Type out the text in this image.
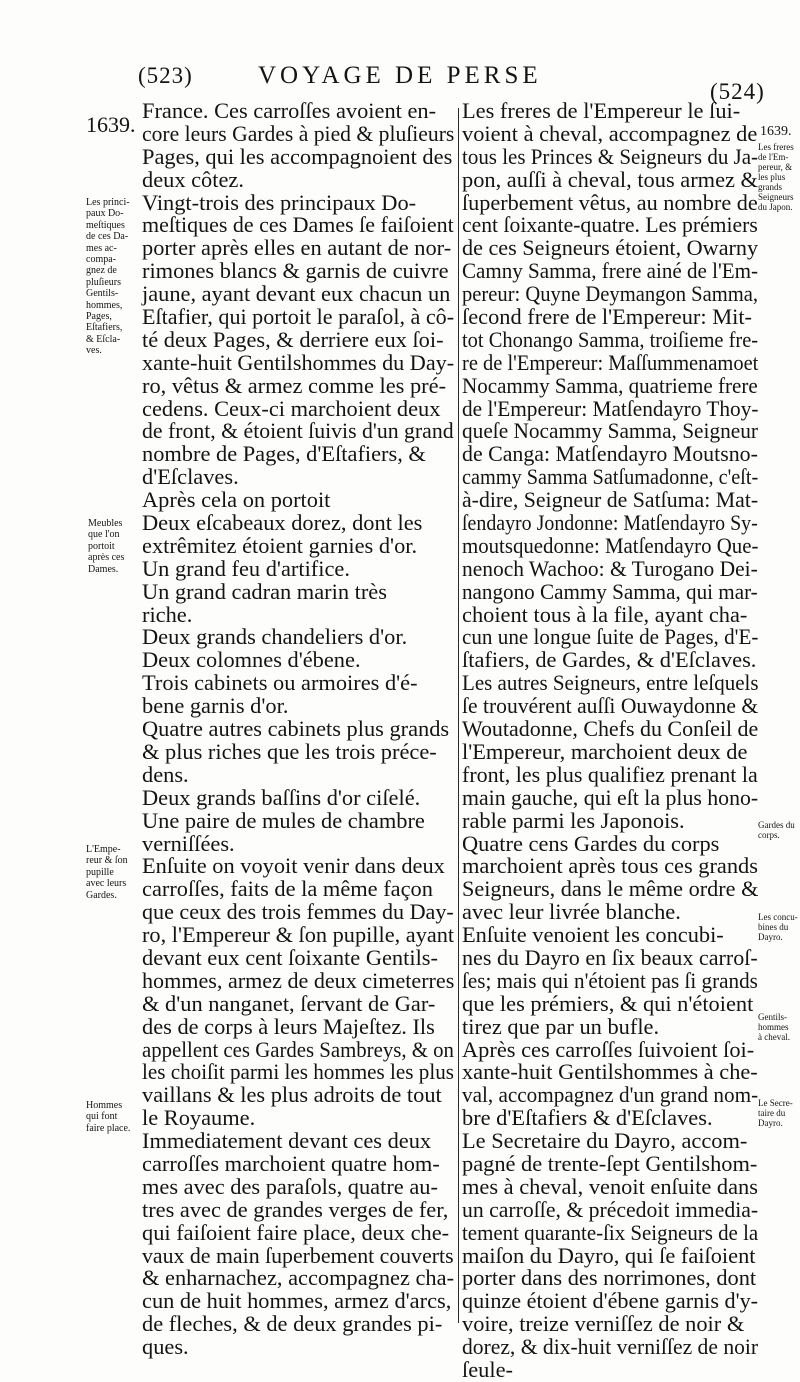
(523)	VOYAGE DE PERSE
(524)
1639.	1639.
France. Ces carroſſes avoient en-
core leurs Gardes à pied & pluſieurs
Pages, qui les accompagnoient des
deux côtez.
Vingt-trois des principaux Do-
meſtiques de ces Dames ſe faiſoient
porter après elles en autant de nor-
rimones blancs & garnis de cuivre
jaune, ayant devant eux chacun un
Eſtafier, qui portoit le paraſol, à cô-
té deux Pages, & derriere eux ſoi-
xante-huit Gentilshommes du Day-
ro, vêtus & armez comme les pré-
cedens. Ceux-ci marchoient deux
de front, & étoient ſuivis d'un grand
nombre de Pages, d'Eſtafiers, &
d'Eſclaves.
Après cela on portoit
Deux eſcabeaux dorez, dont les
extrêmitez étoient garnies d'or.
Un grand feu d'artifice.
Un grand cadran marin très
riche.
Deux grands chandeliers d'or.
Deux colomnes d'ébene.
Trois cabinets ou armoires d'é-
bene garnis d'or.
Quatre autres cabinets plus grands
& plus riches que les trois préce-
dens.
Deux grands baſſins d'or ciſelé.
Une paire de mules de chambre
verniſſées.
Enſuite on voyoit venir dans deux
carroſſes, faits de la même façon
que ceux des trois femmes du Day-
ro, l'Empereur & ſon pupille, ayant
devant eux cent ſoixante Gentils-
hommes, armez de deux cimeterres
& d'un nanganet, ſervant de Gar-
des de corps à leurs Majeſtez. Ils
appellent ces Gardes Sambreys, & on
les choiſit parmi les hommes les plus
vaillans & les plus adroits de tout
le Royaume.
Immediatement devant ces deux
carroſſes marchoient quatre hom-
mes avec des paraſols, quatre au-
tres avec de grandes verges de fer,
qui faiſoient faire place, deux che-
vaux de main ſuperbement couverts
& enharnachez, accompagnez cha-
cun de huit hommes, armez d'arcs,
de fleches, & de deux grandes pi-
ques.
Les freres de l'Empereur le ſui-
voient à cheval, accompagnez de
tous les Princes & Seigneurs du Ja-
pon, auſſi à cheval, tous armez &
ſuperbement vêtus, au nombre de
cent ſoixante-quatre. Les prémiers
de ces Seigneurs étoient, Owarny
Camny Samma, frere ainé de l'Em-
pereur: Quyne Deymangon Samma,
ſecond frere de l'Empereur: Mit-
tot Chonango Samma, troiſieme fre-
re de l'Empereur: Maſſummenamoet
Nocammy Samma, quatrieme frere
de l'Empereur: Matſendayro Thoy-
queſe Nocammy Samma, Seigneur
de Canga: Matſendayro Moutsno-
cammy Samma Satſumadonne, c'eſt-
à-dire, Seigneur de Satſuma: Mat-
ſendayro Jondonne: Matſendayro Sy-
moutsquedonne: Matſendayro Que-
nenoch Wachoo: & Turogano Dei-
nangono Cammy Samma, qui mar-
choient tous à la file, ayant cha-
cun une longue ſuite de Pages, d'E-
ſtafiers, de Gardes, & d'Eſclaves.
Les autres Seigneurs, entre leſquels
ſe trouvérent auſſi Ouwaydonne &
Woutadonne, Chefs du Conſeil de
l'Empereur, marchoient deux de
front, les plus qualifiez prenant la
main gauche, qui eſt la plus hono-
rable parmi les Japonois.
Quatre cens Gardes du corps
marchoient après tous ces grands
Seigneurs, dans le même ordre &
avec leur livrée blanche.
Enſuite venoient les concubi-
nes du Dayro en ſix beaux carroſ-
ſes; mais qui n'étoient pas ſi grands
que les prémiers, & qui n'étoient
tirez que par un bufle.
Après ces carroſſes ſuivoient ſoi-
xante-huit Gentilshommes à che-
val, accompagnez d'un grand nom-
bre d'Eſtafiers & d'Eſclaves.
Le Secretaire du Dayro, accom-
pagné de trente-ſept Gentilshom-
mes à cheval, venoit enſuite dans
un carroſſe, & précedoit immedia-
tement quarante-ſix Seigneurs de la
maiſon du Dayro, qui ſe faiſoient
porter dans des norrimones, dont
quinze étoient d'ébene garnis d'y-
voire, treize verniſſez de noir &
dorez, & dix-huit verniſſez de noir
ſeule-
Les princi-
paux Do-
meſtiques
de ces Da-
mes ac-
compa-
gnez de
pluſieurs
Gentils-
hommes,
Pages,
Eſtafiers,
& Eſcla-
ves.
Meubles
que l'on
portoit
après ces
Dames.
L'Empe-
reur & ſon
pupille
avec leurs
Gardes.
Hommes
qui font
faire place.
Les freres
de l'Em-
pereur, &
les plus
grands
Seigneurs
du Japon.
Gardes du
corps.
Les concu-
bines du
Dayro.
Gentils-
hommes
à cheval.
Le Secre-
taire du
Dayro.
